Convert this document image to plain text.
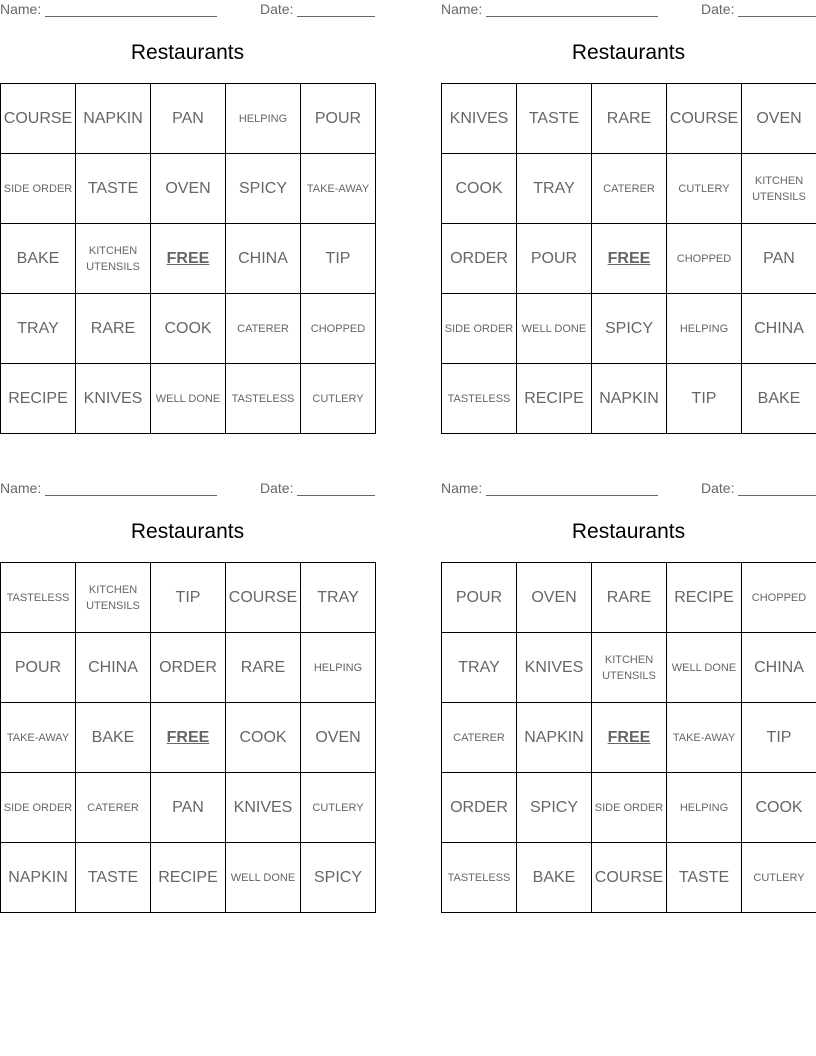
Name:	Date:
Restaurants
COURSE	NAPKIN	PAN	HELPING	POUR
SIDE ORDER	TASTE	OVEN	SPICY	TAKE-AWAY
BAKE	KITCHEN UTENSILS	FREE	CHINA	TIP
TRAY	RARE	COOK	CATERER	CHOPPED
RECIPE	KNIVES	WELL DONE	TASTELESS	CUTLERY
Name:	Date:
Restaurants
KNIVES	TASTE	RARE	COURSE	OVEN
COOK	TRAY	CATERER	CUTLERY	KITCHEN UTENSILS
ORDER	POUR	FREE	CHOPPED	PAN
SIDE ORDER	WELL DONE	SPICY	HELPING	CHINA
TASTELESS	RECIPE	NAPKIN	TIP	BAKE
Name:	Date:
Restaurants
TASTELESS	KITCHEN UTENSILS	TIP	COURSE	TRAY
POUR	CHINA	ORDER	RARE	HELPING
TAKE-AWAY	BAKE	FREE	COOK	OVEN
SIDE ORDER	CATERER	PAN	KNIVES	CUTLERY
NAPKIN	TASTE	RECIPE	WELL DONE	SPICY
Name:	Date:
Restaurants
POUR	OVEN	RARE	RECIPE	CHOPPED
TRAY	KNIVES	KITCHEN UTENSILS	WELL DONE	CHINA
CATERER	NAPKIN	FREE	TAKE-AWAY	TIP
ORDER	SPICY	SIDE ORDER	HELPING	COOK
TASTELESS	BAKE	COURSE	TASTE	CUTLERY
